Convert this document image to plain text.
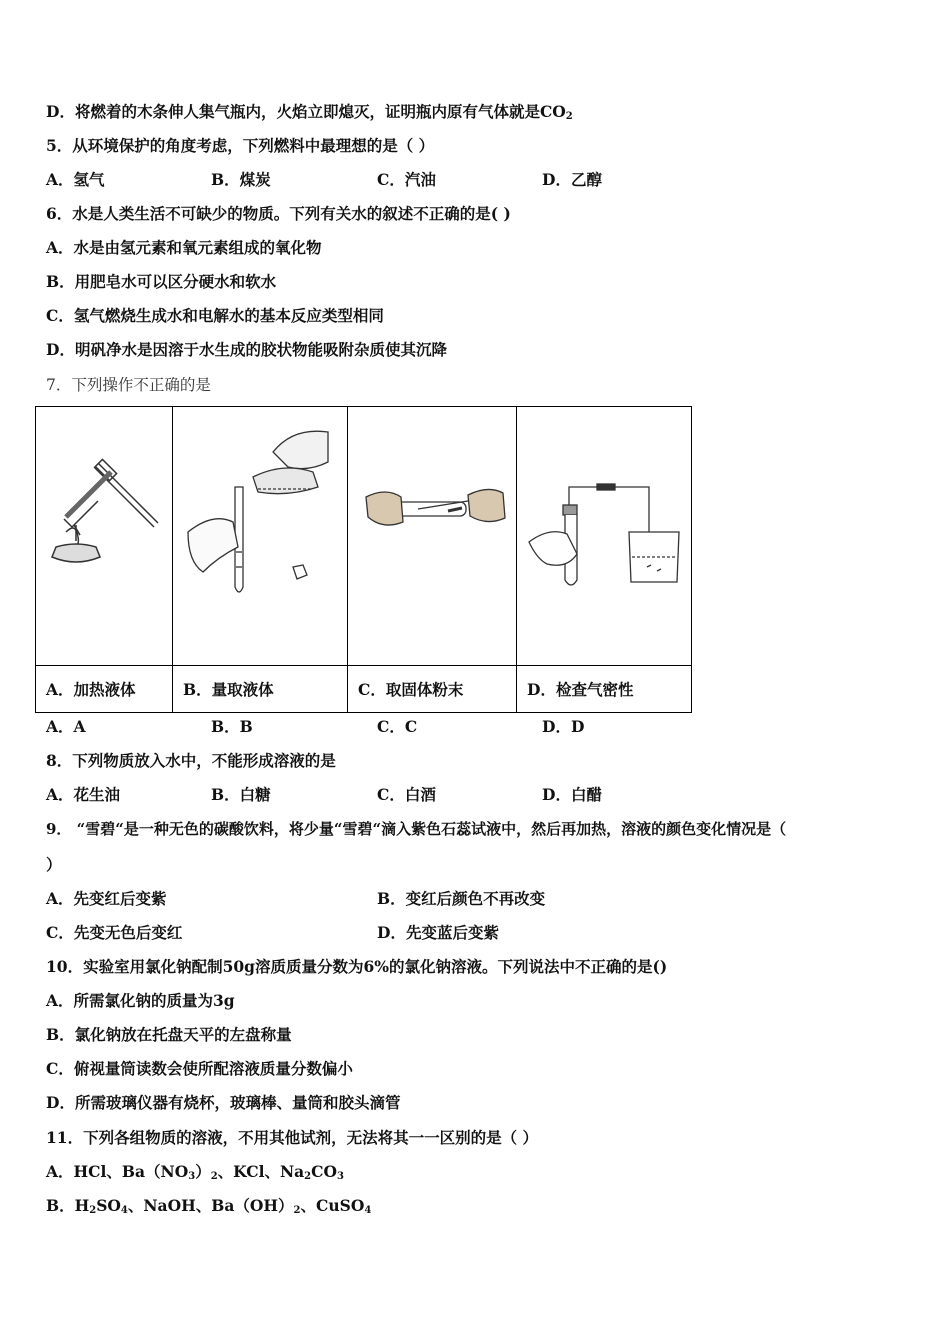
D．将燃着的木条伸人集气瓶内，火焰立即熄灭，证明瓶内原有气体就是$CO_2$
5．从环境保护的角度考虑，下列燃料中最理想的是（ ）
A．氢气	B．煤炭	C．汽油	D．乙醇
6．水是人类生活不可缺少的物质。下列有关水的叙述不正确的是( )
A．水是由氢元素和氧元素组成的氧化物
B．用肥皂水可以区分硬水和软水
C．氢气燃烧生成水和电解水的基本反应类型相同
D．明矾净水是因溶于水生成的胶状物能吸附杂质使其沉降
7．下列操作不正确的是

A．加热液体	B．量取液体	C．取固体粉末	D．检查气密性
A．A	B．B	C．C	D．D
8．下列物质放入水中，不能形成溶液的是
A．花生油	B．白糖	C．白酒	D．白醋
9． “雪碧“是一种无色的碳酸饮料，将少量“雪碧“滴入紫色石蕊试液中，然后再加热，溶液的颜色变化情况是（
）
A．先变红后变紫	B．变红后颜色不再改变
C．先变无色后变红	D．先变蓝后变紫
10．实验室用氯化钠配制50g溶质质量分数为6%的氯化钠溶液。下列说法中不正确的是()
A．所需氯化钠的质量为3g
B．氯化钠放在托盘天平的左盘称量
C．俯视量筒读数会使所配溶液质量分数偏小
D．所需玻璃仪器有烧杯，玻璃棒、量筒和胶头滴管
11．下列各组物质的溶液，不用其他试剂，无法将其一一区别的是（ ）
A．HCl、$Ba(NO_3)_2$、KCl、$Na_2CO_3$
B．$H_2SO_4$、NaOH、$Ba(OH)_2$、CuSO$_4$
